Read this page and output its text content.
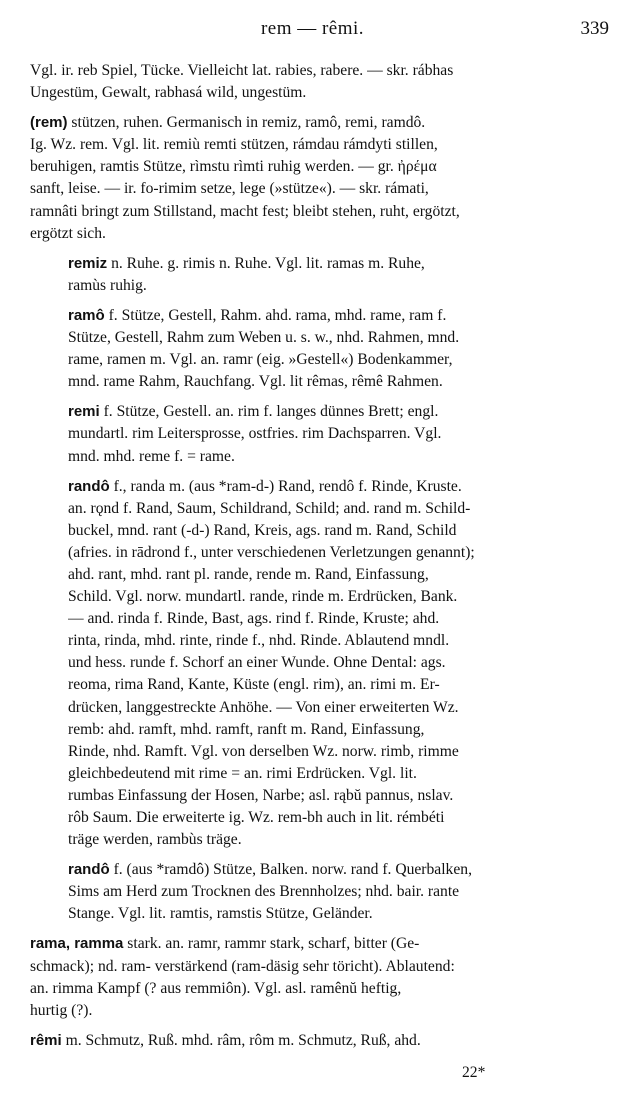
rem — rêmi.	339
Vgl. ir. reb Spiel, Tücke. Vielleicht lat. rabies, rabere. — skr. rábhas
Ungestüm, Gewalt, rabhasá wild, ungestüm.
(rem) stützen, ruhen. Germanisch in remiz, ramô, remi, ramdô.
Ig. Wz. rem. Vgl. lit. remiù remti stützen, rámdau rámdyti stillen,
beruhigen, ramtis Stütze, rìmstu rìmti ruhig werden. — gr. ἠρέμα
sanft, leise. — ir. fo-rimim setze, lege (»stütze«). — skr. rámati,
ramnâti bringt zum Stillstand, macht fest; bleibt stehen, ruht, ergötzt,
ergötzt sich.
remiz n. Ruhe. g. rimis n. Ruhe. Vgl. lit. ramas m. Ruhe,
ramùs ruhig.
ramô f. Stütze, Gestell, Rahm. ahd. rama, mhd. rame, ram f.
Stütze, Gestell, Rahm zum Weben u. s. w., nhd. Rahmen, mnd.
rame, ramen m. Vgl. an. ramr (eig. »Gestell«) Bodenkammer,
mnd. rame Rahm, Rauchfang. Vgl. lit rêmas, rêmê Rahmen.
remi f. Stütze, Gestell. an. rim f. langes dünnes Brett; engl.
mundartl. rim Leitersprosse, ostfries. rim Dachsparren. Vgl.
mnd. mhd. reme f. = rame.
randô f., randa m. (aus *ram-d-) Rand, rendô f. Rinde, Kruste.
an. rǫnd f. Rand, Saum, Schildrand, Schild; and. rand m. Schild-
buckel, mnd. rant (-d-) Rand, Kreis, ags. rand m. Rand, Schild
(afries. in rādrond f., unter verschiedenen Verletzungen genannt);
ahd. rant, mhd. rant pl. rande, rende m. Rand, Einfassung,
Schild. Vgl. norw. mundartl. rande, rinde m. Erdrücken, Bank.
— and. rinda f. Rinde, Bast, ags. rind f. Rinde, Kruste; ahd.
rinta, rinda, mhd. rinte, rinde f., nhd. Rinde. Ablautend mndl.
und hess. runde f. Schorf an einer Wunde. Ohne Dental: ags.
reoma, rima Rand, Kante, Küste (engl. rim), an. rimi m. Er-
drücken, langgestreckte Anhöhe. — Von einer erweiterten Wz.
remb: ahd. ramft, mhd. ramft, ranft m. Rand, Einfassung,
Rinde, nhd. Ramft. Vgl. von derselben Wz. norw. rimb, rimme
gleichbedeutend mit rime = an. rimi Erdrücken. Vgl. lit.
rumbas Einfassung der Hosen, Narbe; asl. rąbŭ pannus, nslav.
rôb Saum. Die erweiterte ig. Wz. rem-bh auch in lit. rémbéti
träge werden, rambùs träge.
randô f. (aus *ramdô) Stütze, Balken. norw. rand f. Querbalken,
Sims am Herd zum Trocknen des Brennholzes; nhd. bair. rante
Stange. Vgl. lit. ramtis, ramstis Stütze, Geländer.
rama, ramma stark. an. ramr, rammr stark, scharf, bitter (Ge-
schmack); nd. ram- verstärkend (ram-däsig sehr töricht). Ablautend:
an. rimma Kampf (? aus remmiôn). Vgl. asl. ramênŭ heftig,
hurtig (?).
rêmi m. Schmutz, Ruß. mhd. râm, rôm m. Schmutz, Ruß, ahd.
22*
